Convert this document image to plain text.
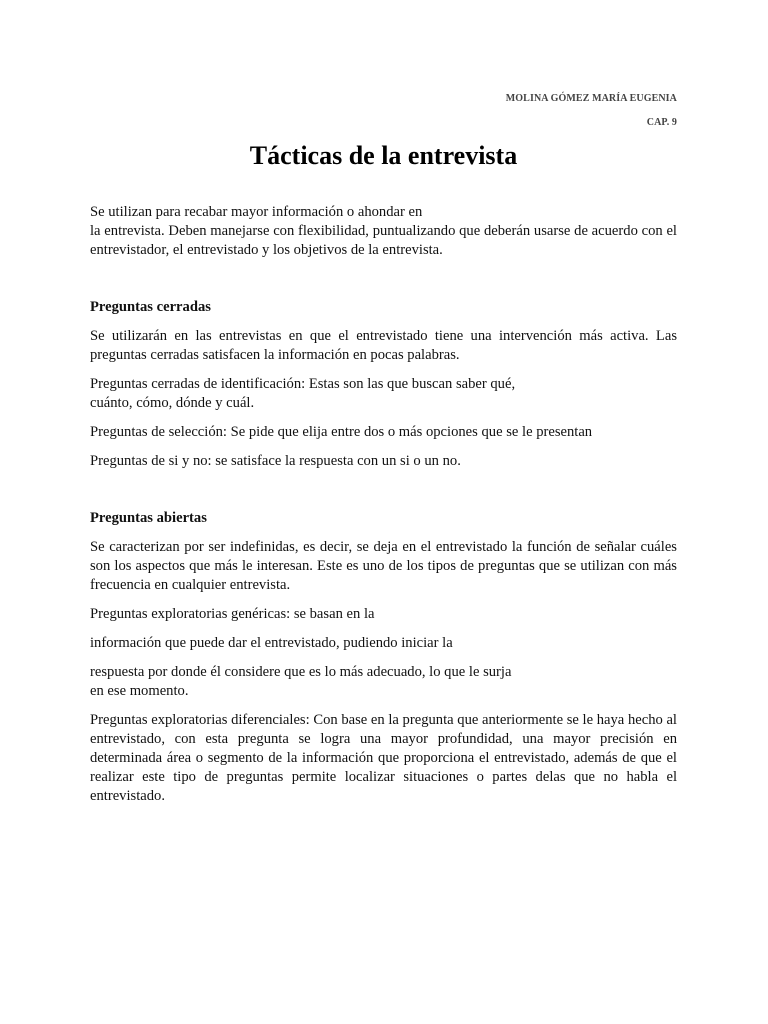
MOLINA GÓMEZ MARÍA EUGENIA
CAP. 9
Tácticas de la entrevista
Se utilizan para recabar mayor información o ahondar en
la entrevista. Deben manejarse con flexibilidad, puntualizando que deberán usarse de acuerdo con el entrevistador, el entrevistado y los objetivos de la entrevista.
Preguntas cerradas
Se utilizarán en las entrevistas en que el entrevistado tiene una intervención más activa. Las preguntas cerradas satisfacen la información en pocas palabras.
Preguntas cerradas de identificación: Estas son las que buscan saber qué,
cuánto, cómo, dónde y cuál.
Preguntas de selección: Se pide que elija entre dos o más opciones que se le presentan
Preguntas de si y no: se satisface la respuesta con un si o un no.
Preguntas abiertas
Se caracterizan por ser indefinidas, es decir, se deja en el entrevistado la función de señalar cuáles son los aspectos que más le interesan. Este es uno de los tipos de preguntas que se utilizan con más frecuencia en cualquier entrevista.
Preguntas exploratorias genéricas: se basan en la
información que puede dar el entrevistado, pudiendo iniciar la
respuesta por donde él considere que es lo más adecuado, lo que le surja
en ese momento.
Preguntas exploratorias diferenciales: Con base en la pregunta que anteriormente se le haya hecho al entrevistado, con esta pregunta se logra una mayor profundidad, una mayor precisión en determinada área o segmento de la información que proporciona el entrevistado, además de que el realizar este tipo de preguntas permite localizar situaciones o partes delas que no habla el entrevistado.
